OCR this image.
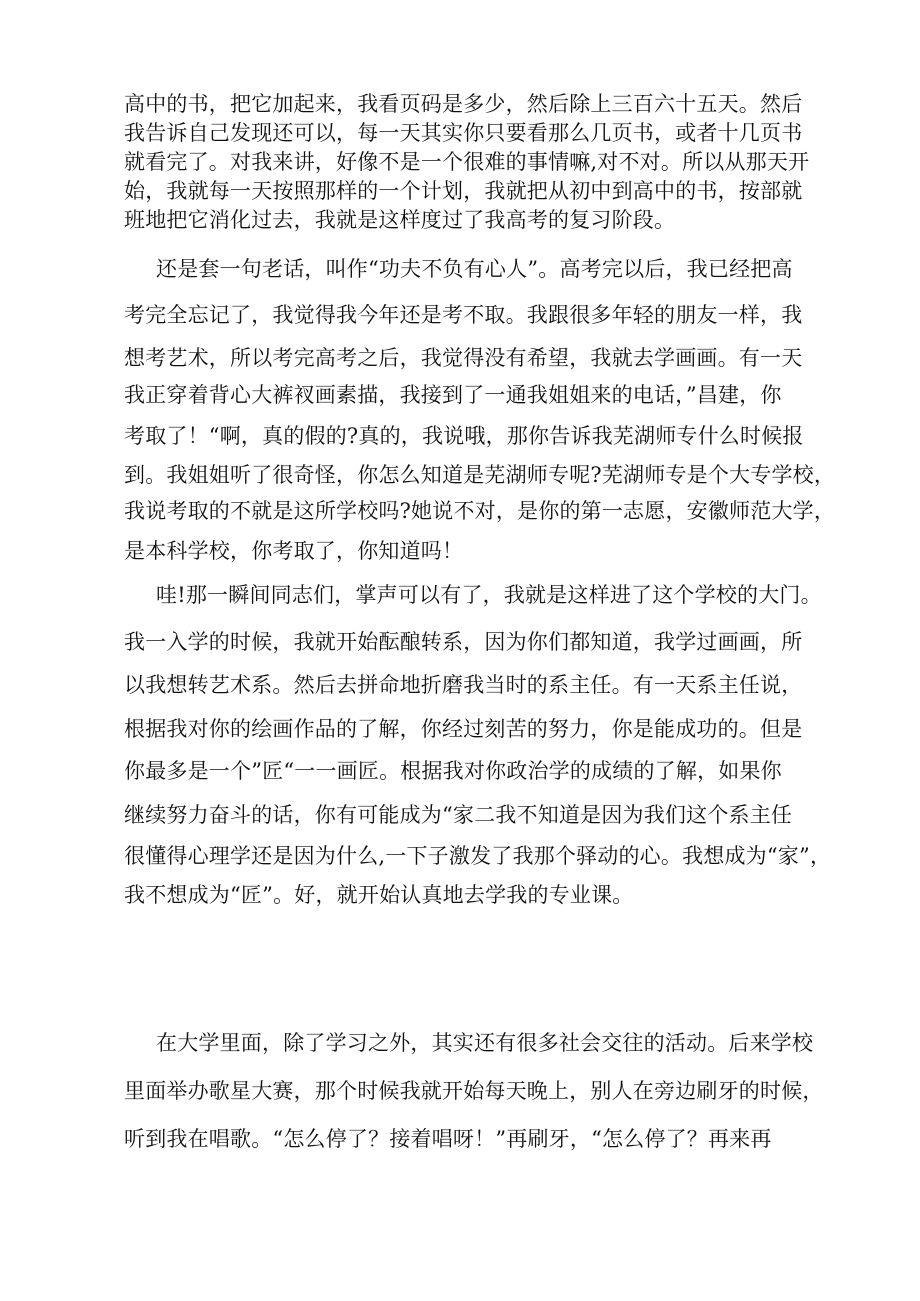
高中的书，把它加起来，我看页码是多少，然后除上三百六十五天。然后
我告诉自己发现还可以，每一天其实你只要看那么几页书，或者十几页书
就看完了。对我来讲，好像不是一个很难的事情嘛,对不对。所以从那天开
始，我就每一天按照那样的一个计划，我就把从初中到高中的书，按部就
班地把它消化过去，我就是这样度过了我高考的复习阶段。
还是套一句老话，叫作“功夫不负有心人”。高考完以后，我已经把高
考完全忘记了，我觉得我今年还是考不取。我跟很多年轻的朋友一样，我
想考艺术，所以考完高考之后，我觉得没有希望，我就去学画画。有一天
我正穿着背心大裤衩画素描，我接到了一通我姐姐来的电话，”昌建，你
考取了！“啊，真的假的?真的，我说哦，那你告诉我芜湖师专什么时候报
到。我姐姐听了很奇怪，你怎么知道是芜湖师专呢?芜湖师专是个大专学校，
我说考取的不就是这所学校吗?她说不对，是你的第一志愿，安徽师范大学，
是本科学校，你考取了，你知道吗！
哇!那一瞬间同志们，掌声可以有了，我就是这样进了这个学校的大门。
我一入学的时候，我就开始酝酿转系，因为你们都知道，我学过画画，所
以我想转艺术系。然后去拼命地折磨我当时的系主任。有一天系主任说，
根据我对你的绘画作品的了解，你经过刻苦的努力，你是能成功的。但是
你最多是一个”匠“一一画匠。根据我对你政治学的成绩的了解，如果你
继续努力奋斗的话，你有可能成为“家二我不知道是因为我们这个系主任
很懂得心理学还是因为什么,一下子激发了我那个驿动的心。我想成为“家”，
我不想成为“匠”。好，就开始认真地去学我的专业课。
在大学里面，除了学习之外，其实还有很多社会交往的活动。后来学校
里面举办歌星大赛，那个时候我就开始每天晚上，别人在旁边刷牙的时候，
听到我在唱歌。“怎么停了？接着唱呀！”再刷牙，“怎么停了？再来再
